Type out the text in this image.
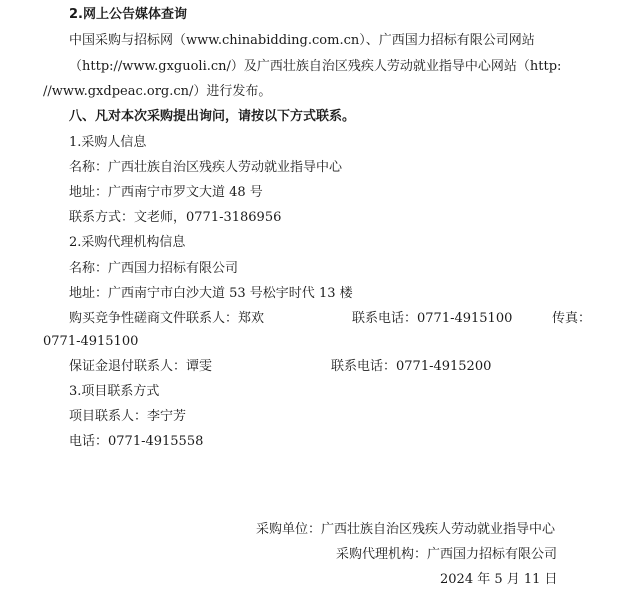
2.网上公告媒体查询
中国采购与招标网（www.chinabidding.com.cn）、广西国力招标有限公司网站
（http://www.gxguoli.cn/）及广西壮族自治区残疾人劳动就业指导中心网站（http:
//www.gxdpeac.org.cn/）进行发布。
八、凡对本次采购提出询问，请按以下方式联系。
1.采购人信息
名称：广西壮族自治区残疾人劳动就业指导中心
地址：广西南宁市罗文大道 48 号
联系方式：文老师，0771-3186956
2.采购代理机构信息
名称：广西国力招标有限公司
地址：广西南宁市白沙大道 53 号松宇时代 13 楼
购买竞争性磋商文件联系人：郑欢	联系电话：0771-4915100	传真：
0771-4915100
保证金退付联系人：谭雯	联系电话：0771-4915200
3.项目联系方式
项目联系人：李宁芳
电话：0771-4915558
采购单位：广西壮族自治区残疾人劳动就业指导中心
采购代理机构：广西国力招标有限公司
2024 年 5 月 11 日
